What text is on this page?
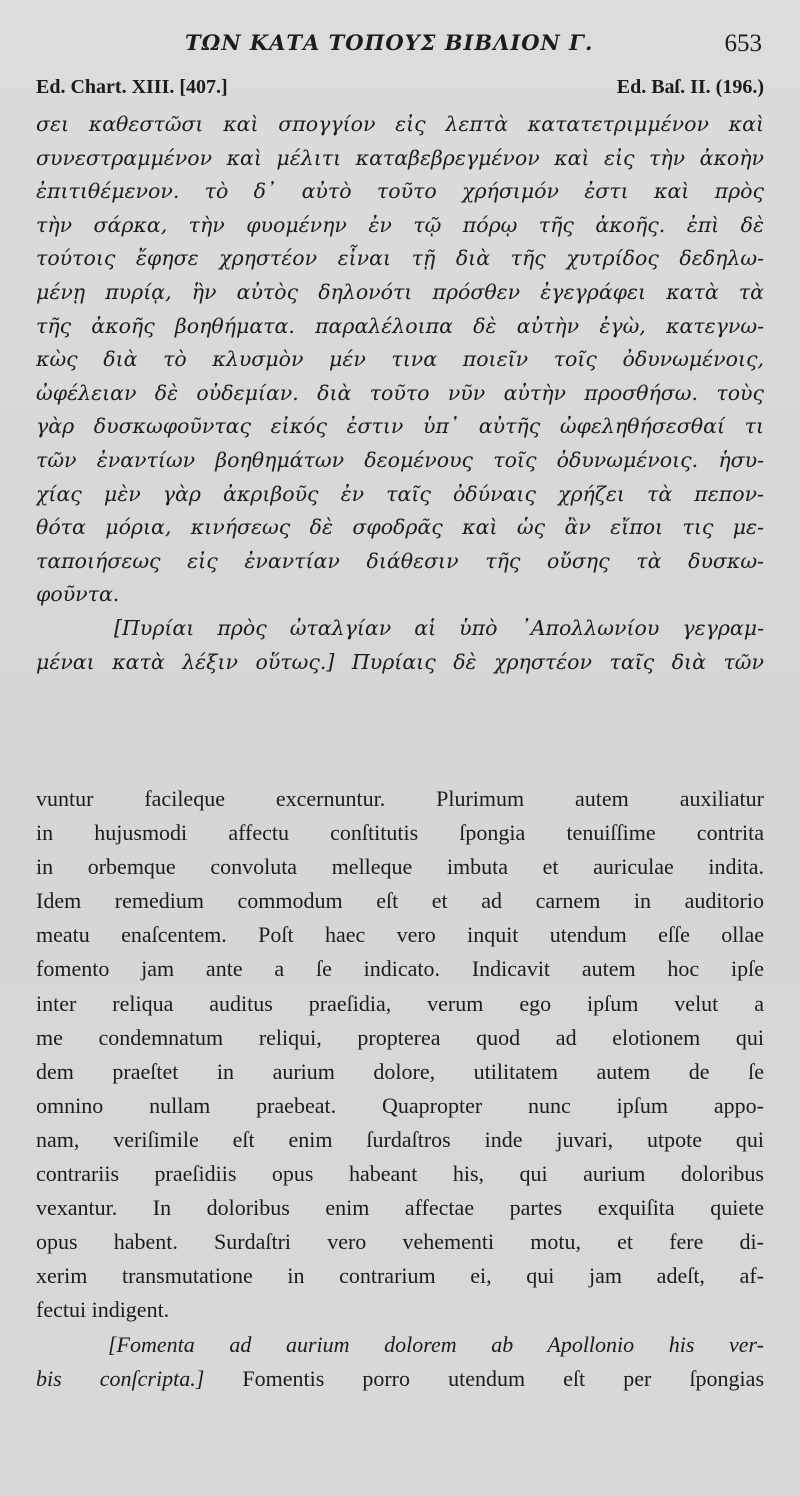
ΤΩΝ ΚΑΤΑ ΤΟΠΟΥΣ ΒΙΒΛΙΟΝ Γ.	653
Ed. Chart. XIII. [407.]	Ed. Baſ. II. (196.)
σει καθεστῶσι καὶ σπογγίον εἰς λεπτὰ κατατετριμμένον καὶ
συνεστραμμένον καὶ μέλιτι καταβεβρεγμένον καὶ εἰς τὴν ἀκοὴν
ἐπιτιθέμενον. τὸ δ᾽ αὐτὸ τοῦτο χρήσιμόν ἐστι καὶ πρὸς
τὴν σάρκα, τὴν φυομένην ἐν τῷ πόρῳ τῆς ἀκοῆς. ἐπὶ δὲ
τούτοις ἔφησε χρηστέον εἶναι τῇ διὰ τῆς χυτρίδος δεδηλω-
μένῃ πυρίᾳ, ἣν αὐτὸς δηλονότι πρόσθεν ἐγεγράφει κατὰ τὰ
τῆς ἀκοῆς βοηθήματα. παραλέλοιπα δὲ αὐτὴν ἐγὼ, κατεγνω-
κὼς διὰ τὸ κλυσμὸν μέν τινα ποιεῖν τοῖς ὀδυνωμένοις,
ὠφέλειαν δὲ οὐδεμίαν. διὰ τοῦτο νῦν αὐτὴν προσθήσω. τοὺς
γὰρ δυσκωφοῦντας εἰκός ἐστιν ὑπ᾽ αὐτῆς ὠφεληθήσεσθαί τι
τῶν ἐναντίων βοηθημάτων δεομένους τοῖς ὀδυνωμένοις. ἡσυ-
χίας μὲν γὰρ ἀκριβοῦς ἐν ταῖς ὀδύναις χρήζει τὰ πεπον-
θότα μόρια, κινήσεως δὲ σφοδρᾶς καὶ ὡς ἂν εἴποι τις με-
ταποιήσεως εἰς ἐναντίαν διάθεσιν τῆς οὔσης τὰ δυσκω-
φοῦντα.
[Πυρίαι πρὸς ὠταλγίαν αἱ ὑπὸ ᾽Απολλωνίου γεγραμ-
μέναι κατὰ λέξιν οὕτως.] Πυρίαις δὲ χρηστέον ταῖς διὰ τῶν
vuntur facileque excernuntur. Plurimum autem auxiliatur
in hujusmodi affectu conſtitutis ſpongia tenuiſſime contrita
in orbemque convoluta melleque imbuta et auriculae indita.
Idem remedium commodum eſt et ad carnem in auditorio
meatu enaſcentem. Poſt haec vero inquit utendum eſſe ollae
fomento jam ante a ſe indicato. Indicavit autem hoc ipſe
inter reliqua auditus praeſidia, verum ego ipſum velut a
me condemnatum reliqui, propterea quod ad elotionem qui
dem praeſtet in aurium dolore, utilitatem autem de ſe
omnino nullam praebeat. Quapropter nunc ipſum appo-
nam, veriſimile eſt enim ſurdaſtros inde juvari, utpote qui
contrariis praeſidiis opus habeant his, qui aurium doloribus
vexantur. In doloribus enim affectae partes exquiſita quiete
opus habent. Surdaſtri vero vehementi motu, et fere di-
xerim transmutatione in contrarium ei, qui jam adeſt, af-
fectui indigent.
[Fomenta ad aurium dolorem ab Apollonio his ver-
bis conſcripta.] Fomentis porro utendum eſt per ſpongias
